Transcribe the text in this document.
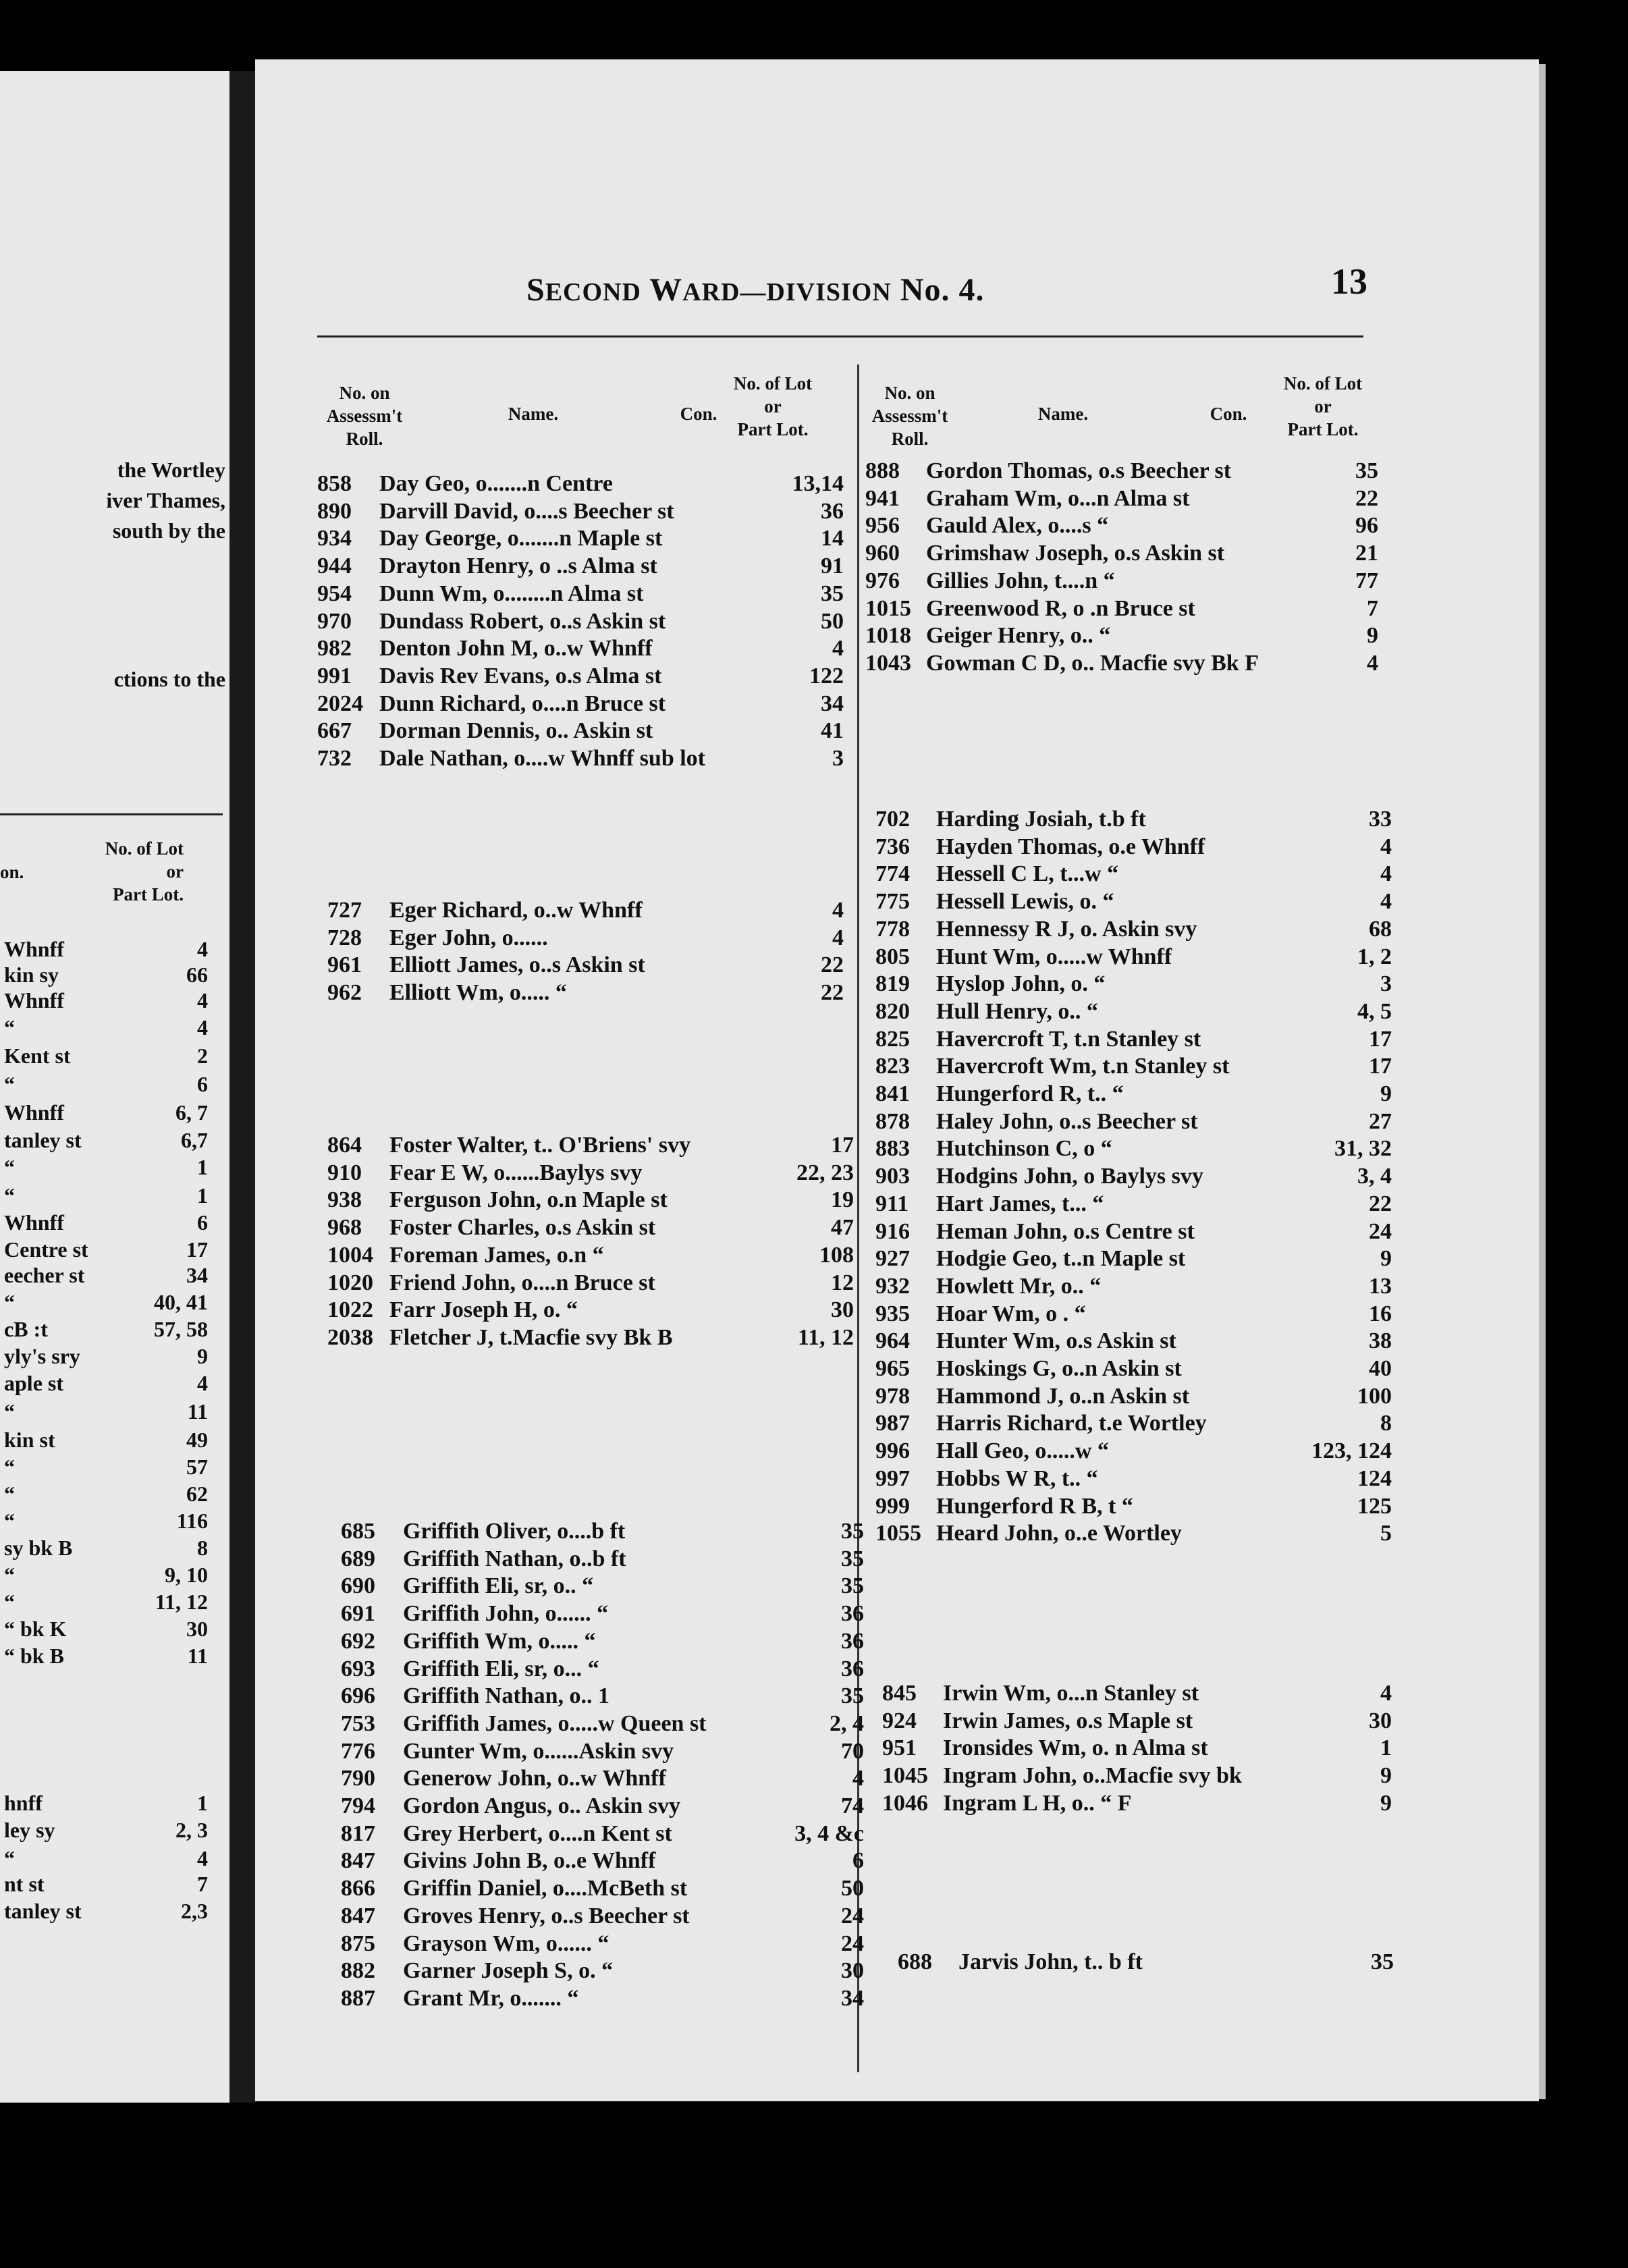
the Wortley
iver Thames,
south by the
ctions to the
on.
No. of Lot
or
Part Lot.
Whnff	4
kin sy	66
Whnff	4
“	4
Kent st	2
“	6
Whnff	6, 7
tanley st	6,7
“	1
“	1
Whnff	6
Centre st	17
eecher st	34
“	40, 41
cB :t	57, 58
yly's sry	9
aple st	4
“	11
kin st	49
“	57
“	62
“	116
sy bk B	8
“	9, 10
“	11, 12
“ bk K	30
“ bk B	11
hnff	1
ley sy	2, 3
“	4
nt st	7
tanley st	2,3
SECOND WARD—DIVISION No. 4.	13
No. on
Assessm't
Roll.
Name.	Con.
No. of Lot
or
Part Lot.
No. on
Assessm't
Roll.
Name.	Con.
No. of Lot
or
Part Lot.
858	Day Geo, o.......n Centre	13,14
890	Darvill David, o....s Beecher st	36
934	Day George, o.......n Maple st	14
944	Drayton Henry, o ..s Alma st	91
954	Dunn Wm, o........n Alma st	35
970	Dundass Robert, o..s Askin st	50
982	Denton John M, o..w Whnff	4
991	Davis Rev Evans, o.s Alma st	122
2024 Dunn Richard, o....n Bruce st	34
667	Dorman Dennis, o.. Askin st	41
732	Dale Nathan, o....w Whnff sub lot	3
727	Eger Richard, o..w Whnff	4
728	Eger John, o......	4
961	Elliott James, o..s Askin st	22
962	Elliott Wm, o..... “	22
864	Foster Walter, t.. O'Briens' svy	17
910	Fear E W, o......Baylys svy	22, 23
938	Ferguson John, o.n Maple st	19
968	Foster Charles, o.s Askin st	47
1004 Foreman James, o.n “	108
1020 Friend John, o....n Bruce st	12
1022 Farr Joseph H, o. “	30
2038 Fletcher J, t.Macfie svy Bk B	11, 12
685	Griffith Oliver, o....b ft	35
689	Griffith Nathan, o..b ft	35
690	Griffith Eli, sr, o.. “	35
691	Griffith John, o...... “	36
692	Griffith Wm, o..... “	36
693	Griffith Eli, sr, o... “	36
696	Griffith Nathan, o.. 1	35
753	Griffith James, o.....w Queen st	2, 4
776	Gunter Wm, o......Askin svy	70
790	Generow John, o..w Whnff	4
794	Gordon Angus, o.. Askin svy	74
817	Grey Herbert, o....n Kent st	3, 4 &c
847	Givins John B, o..e Whnff	6
866	Griffin Daniel, o....McBeth st	50
847	Groves Henry, o..s Beecher st	24
875	Grayson Wm, o...... “	24
882	Garner Joseph S, o. “	30
887	Grant Mr, o....... “	34
888	Gordon Thomas, o.s Beecher st	35
941	Graham Wm, o...n Alma st	22
956	Gauld Alex, o....s “	96
960	Grimshaw Joseph, o.s Askin st	21
976	Gillies John, t....n “	77
1015 Greenwood R, o .n Bruce st	7
1018 Geiger Henry, o.. “	9
1043 Gowman C D, o.. Macfie svy Bk F	4
702	Harding Josiah, t.b ft	33
736	Hayden Thomas, o.e Whnff	4
774	Hessell C L, t...w “	4
775	Hessell Lewis, o. “	4
778	Hennessy R J, o. Askin svy	68
805	Hunt Wm, o.....w Whnff	1, 2
819	Hyslop John, o. “	3
820	Hull Henry, o.. “	4, 5
825	Havercroft T, t.n Stanley st	17
823	Havercroft Wm, t.n Stanley st	17
841	Hungerford R, t.. “	9
878	Haley John, o..s Beecher st	27
883	Hutchinson C, o “	31, 32
903	Hodgins John, o Baylys svy	3, 4
911	Hart James, t... “	22
916	Heman John, o.s Centre st	24
927	Hodgie Geo, t..n Maple st	9
932	Howlett Mr, o.. “	13
935	Hoar Wm, o . “	16
964	Hunter Wm, o.s Askin st	38
965	Hoskings G, o..n Askin st	40
978	Hammond J, o..n Askin st	100
987	Harris Richard, t.e Wortley	8
996	Hall Geo, o.....w “	123, 124
997	Hobbs W R, t.. “	124
999	Hungerford R B, t “	125
1055 Heard John, o..e Wortley	5
845	Irwin Wm, o...n Stanley st	4
924	Irwin James, o.s Maple st	30
951	Ironsides Wm, o. n Alma st	1
1045 Ingram John, o..Macfie svy bk	9
1046 Ingram L H, o.. “ F	9
688	Jarvis John, t.. b ft	35
